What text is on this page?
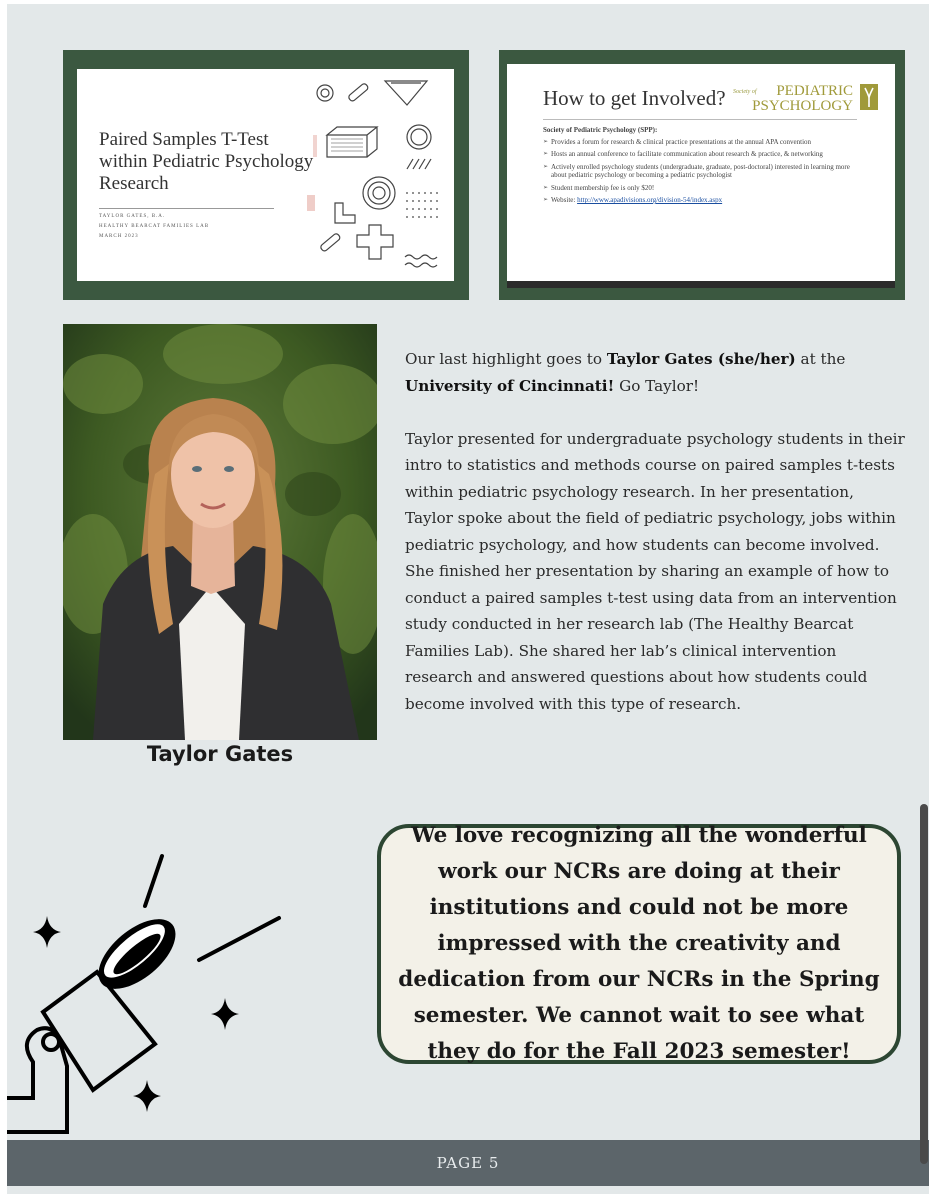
Paired Samples T-Test within Pediatric Psychology Research
TAYLOR GATES, B.A.
HEALTHY BEARCAT FAMILIES LAB
MARCH 2023
How to get Involved? Society of	PEDIATRIC
PSYCHOLOGY
Society of Pediatric Psychology (SPP):
➢ Provides a forum for research & clinical practice presentations at the annual APA convention
➢ Hosts an annual conference to facilitate communication about research & practice, & networking
➢ Actively enrolled psychology students (undergraduate, graduate, post-doctoral) interested in learning more about pediatric psychology or becoming a pediatric psychologist
➢ Student membership fee is only $20!
➢ Website: http://www.apadivisions.org/division-54/index.aspx
Taylor Gates

Our last highlight goes to Taylor Gates (she/her) at the
University of Cincinnati! Go Taylor!

Taylor presented for undergraduate psychology students in their intro to statistics and methods course on paired samples t-tests within pediatric psychology research. In her presentation, Taylor spoke about the field of pediatric psychology, jobs within pediatric psychology, and how students can become involved. She finished her presentation by sharing an example of how to conduct a paired samples t-test using data from an intervention study conducted in her research lab (The Healthy Bearcat Families Lab). She shared her lab’s clinical intervention research and answered questions about how students could become involved with this type of research.

We love recognizing all the wonderful work our NCRs are doing at their institutions and could not be more impressed with the creativity and dedication from our NCRs in the Spring semester. We cannot wait to see what they do for the Fall 2023 semester!
PAGE 5
